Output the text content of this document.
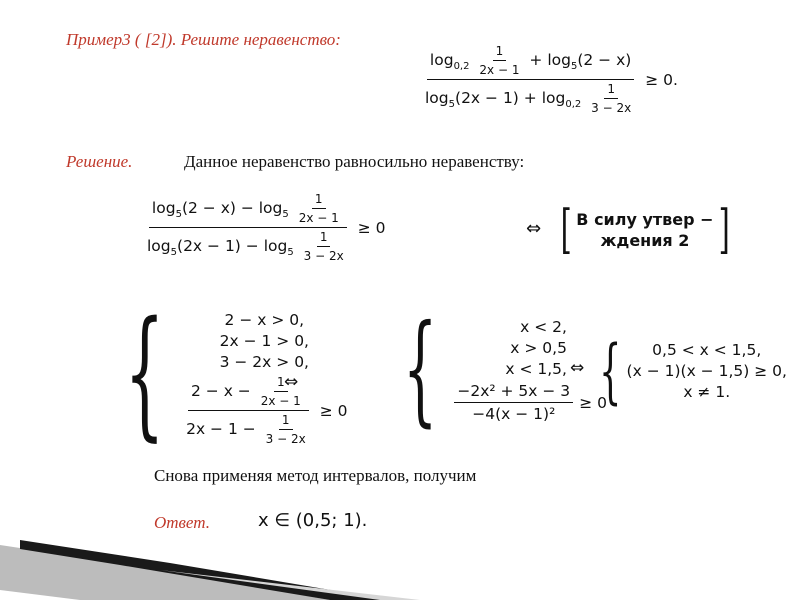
Пример3 ( [2]). Решите неравенство:
$\log_{0,2} \frac{1}{2x - 1} + \log_5(2 - x)$
$\log_5(2x - 1) + \log_{0,2} \frac{1}{3 - 2x}$
≥ 0.
Решение.	Данное неравенство равносильно неравенству:
$\log_5(2 - x) - \log_5 \frac{1}{2x - 1}$
$\log_5(2x - 1) - \log_5 \frac{1}{3 - 2x}$
≥ 0	⇔ [ В силу утвер −
ждения 2 ]
{	2 − x > 0,
2x − 1 > 0,
3 − 2x > 0,
$\frac{2 - x - \frac{1}{2x - 1}}{2x - 1 - \frac{1}{3 - 2x}} \ge 0$
⇔ {	x < 2,
x > 0,5
x < 1,5,
$\frac{\text{−2x² + 5x − 3}}{\text{−4(x − 1)²}} \ge 0$
⇔ { 0,5 < x < 1,5,
(x − 1)(x − 1,5) ≥ 0,
x ≠ 1.
Снова применяя метод интервалов, получим
Ответ.	x ∈ (0,5; 1).
